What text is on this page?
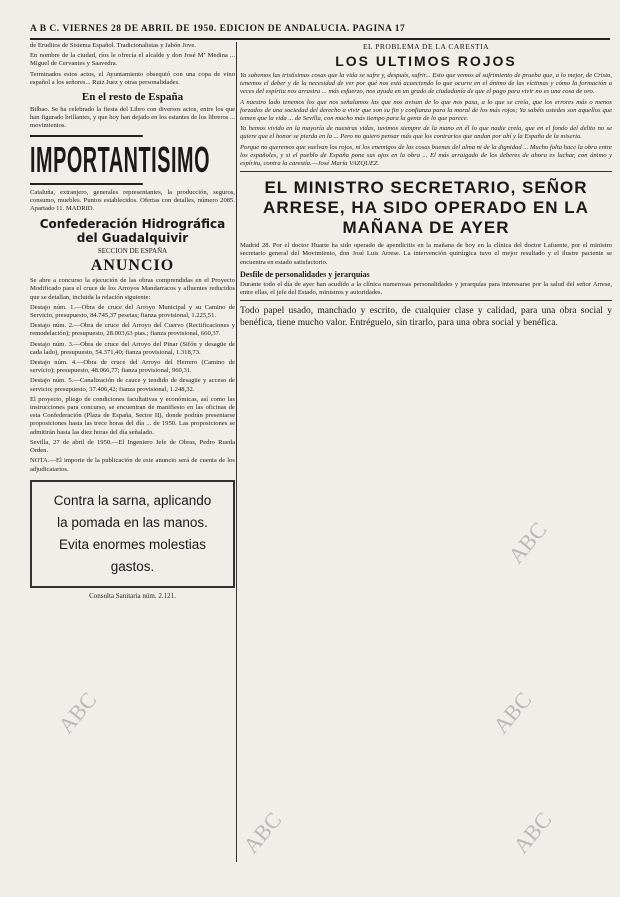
A B C. VIERNES 28 DE ABRIL DE 1950. EDICION DE ANDALUCIA. PAGINA 17

de Eruditos de Sistema Español. Tradicionalistas y Jabón Jove.

En nombre de la ciudad, ríos le ofrecía el alcalde y don José Mª Medina ... Miguel de Cervantes y Saavedra.

Terminados estos actos, el Ayuntamiento obsequió con una copa de vino español a los señores... Ruiz Juez y otras personalidades.

En el resto de España

Bilbao. Se ha celebrado la fiesta del Libro con diversos actos, entre los que han figurado brillantes, y que hoy han dejado en los estantes de los libreros ... movimientos.

IMPORTANTISIMO

Cataluña, extranjero, generales representantes, la producción, seguros, consumo, muebles. Puntos establecidos. Ofertas con detalles, número 2085. Apartado 11. MADRID.

Confederación Hidrográfica del Guadalquivir
SECCION DE ESPAÑA
ANUNCIO

Se abre a concurso la ejecución de las obras comprendidas en el Proyecto Modificado para el cruce de los Arroyos Mandarracos y afluentes reducidos que se detallan, incluida la relación siguiente:

Destajo núm. 1.—Obra de cruce del Arroyo Municipal y su Camino de Servicio, presupuesto, 84.745,37 pesetas; fianza provisional, 1.225,51.

Destajo núm. 2.—Obra de cruce del Arroyo del Cuervo (Rectificaciones y remodelación); presupuesto, 28.003,63 ptas.; fianza provisional, 660,37.

Destajo núm. 3.—Obra de cruce del Arroyo del Pinar (Sifón y desagüe de cada lado), presupuesto, 54.371,40; fianza provisional, 1.318,73.

Destajo núm. 4.—Obra de cruce del Arroyo del Herrero (Camino de servicio); presupuesto, 48.066,77; fianza provisional, 960,31.

Destajo núm. 5.—Canalización de cauce y tendido de desagüe y acceso de servicio; presupuesto, 37.406,42; fianza provisional, 1.248,32.

El proyecto, pliego de condiciones facultativas y económicas, así como las instrucciones para concurso, se encuentran de manifiesto en las oficinas de esta Confederación (Plaza de España, Sector II), donde podrán presentarse proposiciones hasta las trece horas del día ... de 1950. Las proposiciones se admitirán hasta las diez horas del día señalado.

Sevilla, 27 de abril de 1950.—El Ingeniero Jefe de Obras, Pedro Rueda Orden.

NOTA.—El importe de la publicación de este anuncio será de cuenta de los adjudicatarios.

Contra la sarna, aplicando
la pomada en las manos.
Evita enormes molestias
gastos.
Consulta Sanitaria núm. 2.121.
EL PROBLEMA DE LA CARESTIA
LOS ULTIMOS ROJOS

Ya sabemos las tristísimas cosas que la vida se sufre y, después, sufrir... Esto que vemos al sufrimiento de prueba que, a lo mejor, de Cristo, tenemos el deber y de la necesidad de ver por qué nos está acaeciendo lo que ocurre en el ánimo de las víctimas y cómo la formación a veces del espíritu nos arrastra ... más esfuerzo, nos ayuda en un grado de ciudadanía de que el pago para vivir no es una cosa de oro.

A nuestro lado tenemos los que nos señalamos las que nos avisan de lo que nos pasa, a lo que se creía, que los errores más o menos forzados de una sociedad del derecho a vivir que son su fin y confianza para la moral de los más rojos; Ya sabéis ustedes son aquellos que temen que la vida ... de Sevilla, con mucho más tiempo para la gente de lo que parece.

Ya hemos vivido en la mayoría de nuestras vidas, tuvimos siempre de la mano en él lo que nadie creía, que en el fondo del delito no se quiere que el honor se pierda en la ... Pero no quiero pensar más que los contrarios que andan por ahí y la España de la miseria.

Porque no queremos que vuelvan los rojos, ni los enemigos de las cosas buenas del alma ni de la dignidad ... Mucho falta hace la obra entre los españoles, y si el pueblo de España pone sus ojos en la obra ... El más arraigado de los deberes de ahora es luchar, con ánimo y espíritu, contra la carestía.—José María VAZQUEZ.

EL MINISTRO SECRETARIO, SEÑOR ARRESE, HA SIDO OPERADO EN LA MAÑANA DE AYER

Madrid 28. Por el doctor Huarte ha sido operado de apendicitis en la mañana de hoy en la clínica del doctor Lafuente, por el ministro secretario general del Movimiento, don José Luis Arrese. La intervención quirúrgica tuvo el mejor resultado y el ilustre paciente se encuentra en estado satisfactorio.

Desfile de personalidades y jerarquías

Durante todo el día de ayer han acudido a la clínica numerosas personalidades y jerarquías para interesarse por la salud del señor Arrese, entre ellas, el jefe del Estado, ministros y autoridades.

Todo papel usado, manchado y escrito, de cualquier clase y calidad, para una obra social y benéfica, tiene mucho valor. Entréguelo, sin tirarlo, para una obra social y benéfica.

ABC
ABC
ABC
ABC	ABC
